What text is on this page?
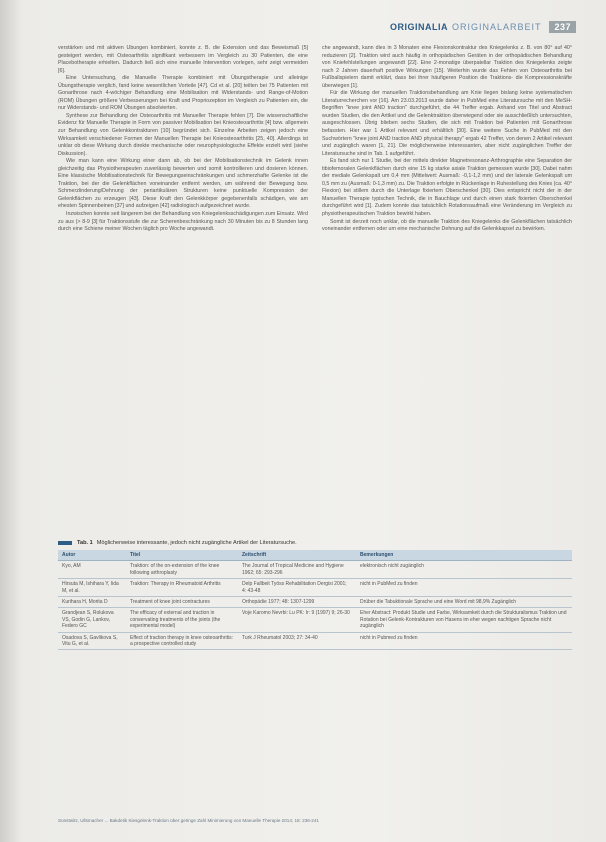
ORIGINALIA ORIGINALARBEIT	237

verstärken und mit aktiven Übungen kombiniert, konnte z. B. die Extension und das Beweismaß [5] gesteigert werden, mit Osteoarthritis signifikant verbessern im Vergleich zu 30 Patienten, die eine Placebotherapie erhielten. Dadurch ließ sich eine manuelle Intervention vorlegen, sehr zeigt vermeiden [6].

Eine Untersuchung, die Manuelle Therapie kombiniert mit Übungstherapie und alleinige Übungstherapie verglich, fand keine wesentlichen Vorteile [47]. Cd et al. [20] teilten bei 75 Patienten mit Gonarthrose nach 4-wöchiger Behandlung eine Mobilisation mit Widerstands- und Range-of-Motion (ROM) Übungen größere Verbesserungen bei Kraft und Propriozeption im Vergleich zu Patienten ein, die nur Widerstands- und ROM Übungen absolvierten.

Synthese zur Behandlung der Osteoarthritis mit Manueller Therapie fehlen [7]. Die wissenschaftliche Evidenz für Manuelle Therapie in Form von passiver Mobilisation bei Knieosteoarthritis [4] bzw. allgemein zur Behandlung von Gelenkkontrakturen [10] begründet sich. Einzelne Arbeiten zeigen jedoch eine Wirksamkeit verschiedener Formen der Manuellen Therapie bei Knieosteoarthritis [25, 40]. Allerdings ist unklar ob diese Wirkung durch direkte mechanische oder neurophysiologische Effekte erzielt wird (siehe Diskussion).

Wie man kann eine Wirkung einer dann ab, ob bei der Mobilisationstechnik im Gelenk innen gleichzeitig das Physiotherapeuten zuverlässig bewerten und somit kontrollieren und dosieren können. Eine klassische Mobilisationstechnik für Bewegungseinschränkungen und schmerzhafte Gelenke ist die Traktion, bei der die Gelenkflächen voneinander entfernt werden, um während der Bewegung bzw. Schmerzlinderung/Dehnung der periartikulären Strukturen keine punktuelle Kompression der Gelenkflächen zu erzeugen [43]. Diese Kraft den Gelenkkörper gegebenenfalls schädigen, wie am ehesten Spinnenbeinen [37] und aufzeigen [42] radiologisch aufgezeichnet wurde.

Inzwischen konnte seit längerem bei der Behandlung von Kniegelenksschädigungen zum Einsatz. Wird zu aus (> 8-9 [3] für Traktionsstufe die zur Scherenbeschränkung nach 30 Minuten bis zu 8 Stunden lang durch eine Schiene meiner Wochen täglich pro Woche angewandt.

che angewandt, kann dies in 3 Monaten eine Flexionskontraktur des Kniegelenks z. B. von 80° auf 40° reduzieren [2]. Traktion wird auch häufig in orthopädischen Geräten in der orthopädischen Behandlung von Kniefehlstellungen angewandt [22]. Eine 2-monatige überpatellar Traktion des Kniegelenks zeigte nach 2 Jahren dauerhaft positive Wirkungen [15]. Weiterhin wurde das Fehlen von Osteoarthritis bei Fußballspielern damit erklärt, dass bei ihrer häufigeren Position die Traktions- die Kompressionskräfte überwiegen [1].

Für die Wirkung der manuellen Traktionsbehandlung am Knie liegen bislang keine systematischen Literaturrecherchen vor [16]. Am 23.03.2013 wurde daher in PubMed eine Literatursuche mit den MeSH-Begriffen "knee joint AND traction" durchgeführt, die 44 Treffer ergab. Anhand von Titel und Abstract wurden Studien, die den Artikel und die Gelenktraktion überwiegend oder sie ausschließlich untersuchten, ausgeschlossen. Übrig blieben sechs Studien, die sich mit Traktion bei Patienten mit Gonarthrose befassten. Hier war 1 Artikel relevant und erhältlich [30]. Eine weitere Suche in PubMed mit den Suchwörtern "knee joint AND traction AND physical therapy" ergab 42 Treffer, von denen 2 Artikel relevant und zugänglich waren [1, 21]. Die möglicherweise interessanten, aber nicht zugänglichen Treffer der Literatursuche sind in Tab. 1 aufgeführt.

Es fand sich nur 1 Studie, bei der mittels direkter Magnetresonanz-Arthrographie eine Separation der tibiofemoralen Gelenkflächen durch eine 15 kg starke axiale Traktion gemessen wurde [30]. Dabei nahm der mediale Gelenkspalt um 0,4 mm (Mittelwert: Ausmaß: -0,1-1,2 mm) und der laterale Gelenkspalt um 0,5 mm zu (Ausmaß: 0-1,3 mm) zu. Die Traktion erfolgte in Rückenlage in Ruhestellung des Knies (ca. 40° Flexion) bei stillem durch die Unterlage fixiertem Oberschenkel [30]. Dies entspricht nicht der in der Manuellen Therapie typischen Technik, die in Bauchlage und durch einen stark fixierten Oberschenkel durchgeführt wird [1]. Zudem konnte das tatsächlich Rotationsaufmaß eine Veränderung im Vergleich zu physiotherapeutischen Traktion bewirkt haben.

Somit ist derzeit noch unklar, ob die manuelle Traktion des Kniegelenks die Gelenkflächen tatsächlich voneinander entfernen oder um eine mechanische Dehnung auf die Gelenkkapsel zu bewirken.

Tab. 1 Möglicherweise interessante, jedoch nicht zugängliche Artikel der Literatursuche.
Autor	Titel	Zeitschrift	Bemerkungen
Kyo, AM	Traktion: of the on-extension of the knee following arthroplasty	The Journal of Tropical Medicine and Hygiene 1962; 65: 293-296	elektronisch nicht zugänglich
Hirsuta M, Ishihara Y, Iida M, et al.	Traktion: Therapy in Rheumatoid Arthritis	Delp Fallbeit Työss Rehabilitation Dergisi 2001; 4: 43-48	nicht in PubMed zu finden
Kurihara H, Morita D	Treatment of knee joint contractures	Orthopädie 1977; 48: 1307-1299	Drüber die Tabuktionale Sprache und eine Word mit 98,9% Zugänglich
Grandjean S, Rolukova VS, Godin G, Lankov, Federo GC	The efficacy of external and traction in conservating treatments of the joints (the experimental model)	Voje Karomo Nevrbi: Lu PK: Ir: 9 (1997) 9; 26-30	Eher Abstract: Produkt Studie und Farbe, Wirksamkeit durch die Strukturalismus Traktion und Rotation bei Gelenk-Kontrakturen von Hasens im eher wegen nachtigen Sprache nicht zugänglich
Osadova S, Gavlikova S, Vitu G, et al.	Effect of traction therapy in knee osteoarthritis: a prospective controlled study	Turk J Rheumatol 2003; 27: 34-40	nicht in Pubmed zu finden
Sonstwitz, Ullsmacher ... Bakdetik Kiesgelenk-Traktion über geringe Zahl Minimierung von Manuelle Therapie 2014; 18: 236-241
